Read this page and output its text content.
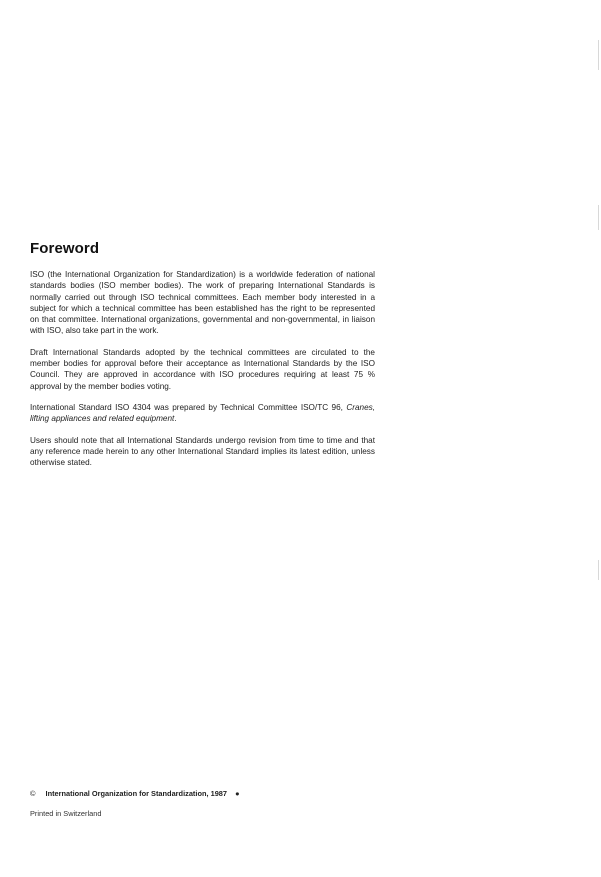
Foreword

ISO (the International Organization for Standardization) is a worldwide federation of national standards bodies (ISO member bodies). The work of preparing International Standards is normally carried out through ISO technical committees. Each member body interested in a subject for which a technical committee has been established has the right to be represented on that committee. International organizations, governmental and non-governmental, in liaison with ISO, also take part in the work.

Draft International Standards adopted by the technical committees are circulated to the member bodies for approval before their acceptance as International Standards by the ISO Council. They are approved in accordance with ISO procedures requiring at least 75 % approval by the member bodies voting.

International Standard ISO 4304 was prepared by Technical Committee ISO/TC 96, Cranes, lifting appliances and related equipment.

Users should note that all International Standards undergo revision from time to time and that any reference made herein to any other International Standard implies its latest edition, unless otherwise stated.

© International Organization for Standardization, 1987 ●
Printed in Switzerland
